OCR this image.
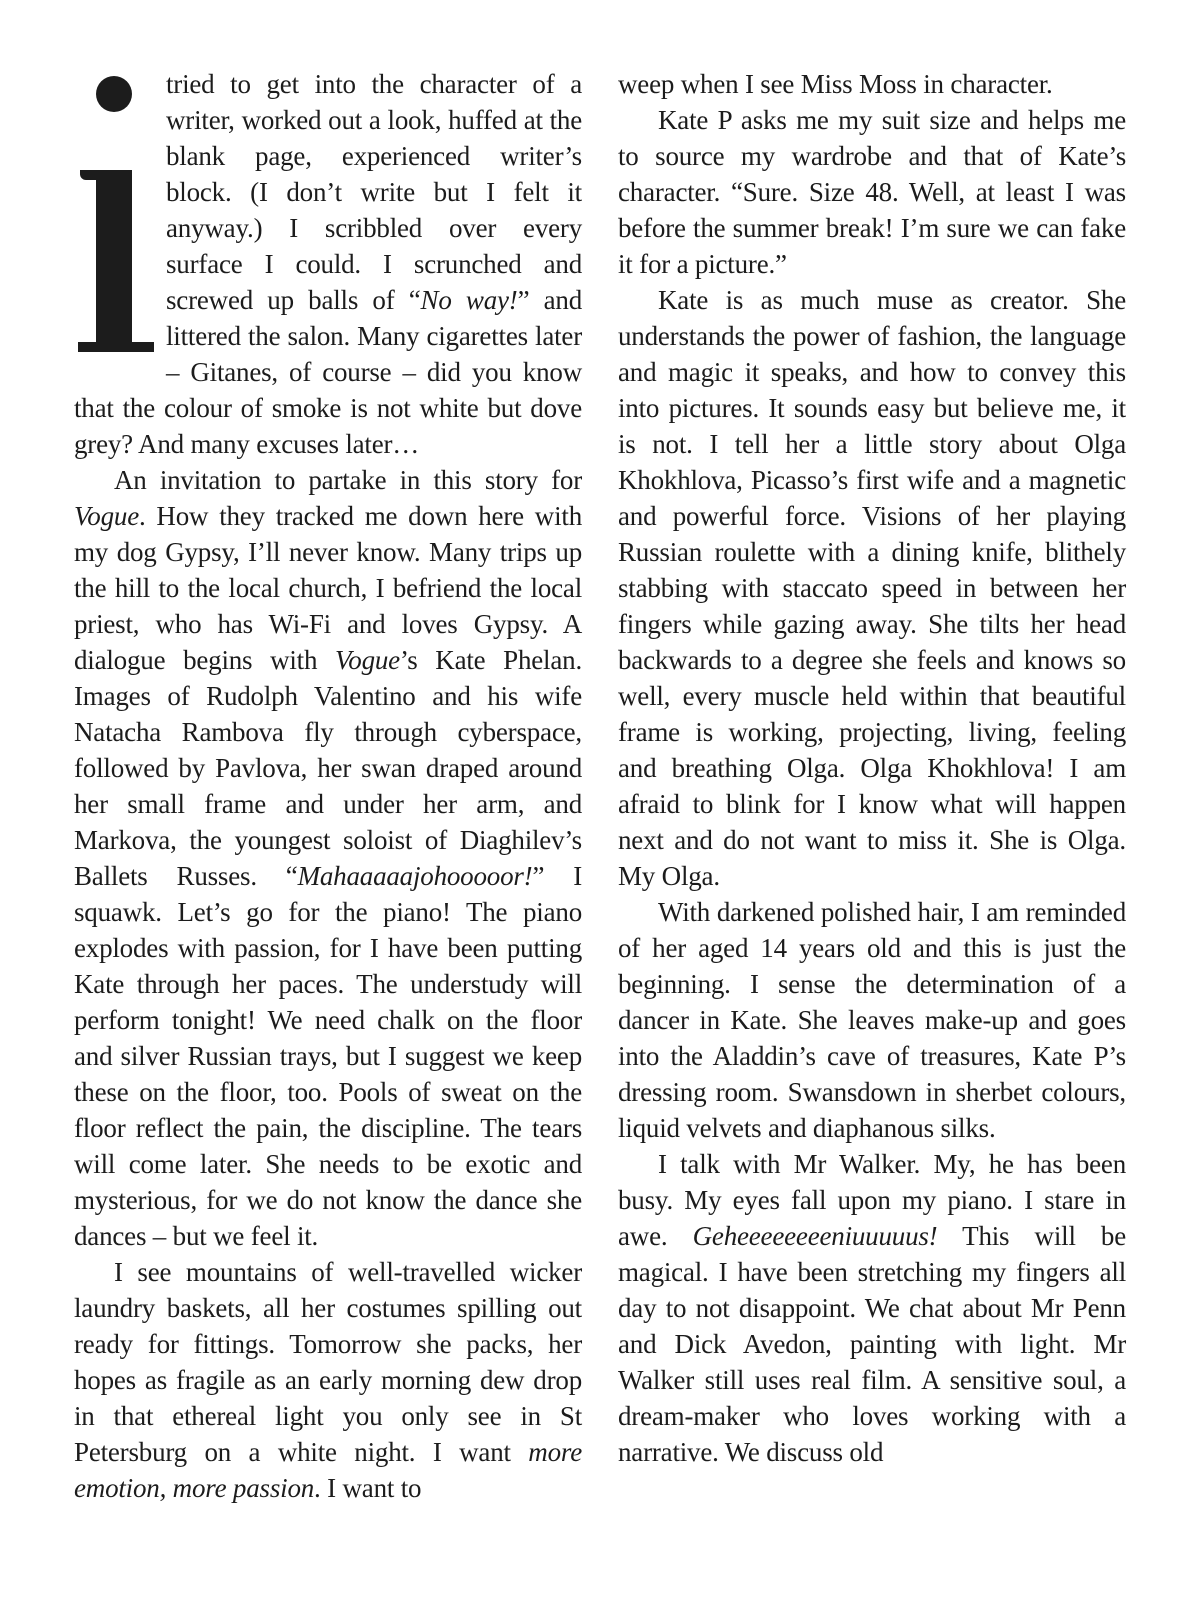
tried to get into the character of a writer, worked out a look, huffed at the blank page, experienced writer’s block. (I don’t write but I felt it anyway.) I scribbled over every surface I could. I scrunched and screwed up balls of “No way!” and littered the salon. Many cigarettes later – Gitanes, of course – did you know that the colour of smoke is not white but dove grey? And many excuses later…

An invitation to partake in this story for Vogue. How they tracked me down here with my dog Gypsy, I’ll never know. Many trips up the hill to the local church, I befriend the local priest, who has Wi-Fi and loves Gypsy. A dialogue begins with Vogue’s Kate Phelan. Images of Rudolph Valentino and his wife Natacha Rambova fly through cyberspace, followed by Pavlova, her swan draped around her small frame and under her arm, and Markova, the youngest soloist of Diaghilev’s Ballets Russes. “Mahaaaaajohooooor!” I squawk. Let’s go for the piano! The piano explodes with passion, for I have been putting Kate through her paces. The understudy will perform tonight! We need chalk on the floor and silver Russian trays, but I suggest we keep these on the floor, too. Pools of sweat on the floor reflect the pain, the discipline. The tears will come later. She needs to be exotic and mysterious, for we do not know the dance she dances – but we feel it.

I see mountains of well-travelled wicker laundry baskets, all her costumes spilling out ready for fittings. Tomorrow she packs, her hopes as fragile as an early morning dew drop in that ethereal light you only see in St Petersburg on a white night. I want more emotion, more passion. I want to

weep when I see Miss Moss in character.

Kate P asks me my suit size and helps me to source my wardrobe and that of Kate’s character. “Sure. Size 48. Well, at least I was before the summer break! I’m sure we can fake it for a picture.”

Kate is as much muse as creator. She understands the power of fashion, the language and magic it speaks, and how to convey this into pictures. It sounds easy but believe me, it is not. I tell her a little story about Olga Khokhlova, Picasso’s first wife and a magnetic and powerful force. Visions of her playing Russian roulette with a dining knife, blithely stabbing with staccato speed in between her fingers while gazing away. She tilts her head backwards to a degree she feels and knows so well, every muscle held within that beautiful frame is working, projecting, living, feeling and breathing Olga. Olga Khokhlova! I am afraid to blink for I know what will happen next and do not want to miss it. She is Olga. My Olga.

With darkened polished hair, I am reminded of her aged 14 years old and this is just the beginning. I sense the determination of a dancer in Kate. She leaves make-up and goes into the Aladdin’s cave of treasures, Kate P’s dressing room. Swansdown in sherbet colours, liquid velvets and diaphanous silks.

I talk with Mr Walker. My, he has been busy. My eyes fall upon my piano. I stare in awe. Geheeeeeeeeniuuuuus! This will be magical. I have been stretching my fingers all day to not disappoint. We chat about Mr Penn and Dick Avedon, painting with light. Mr Walker still uses real film. A sensitive soul, a dream-maker who loves working with a narrative. We discuss old
